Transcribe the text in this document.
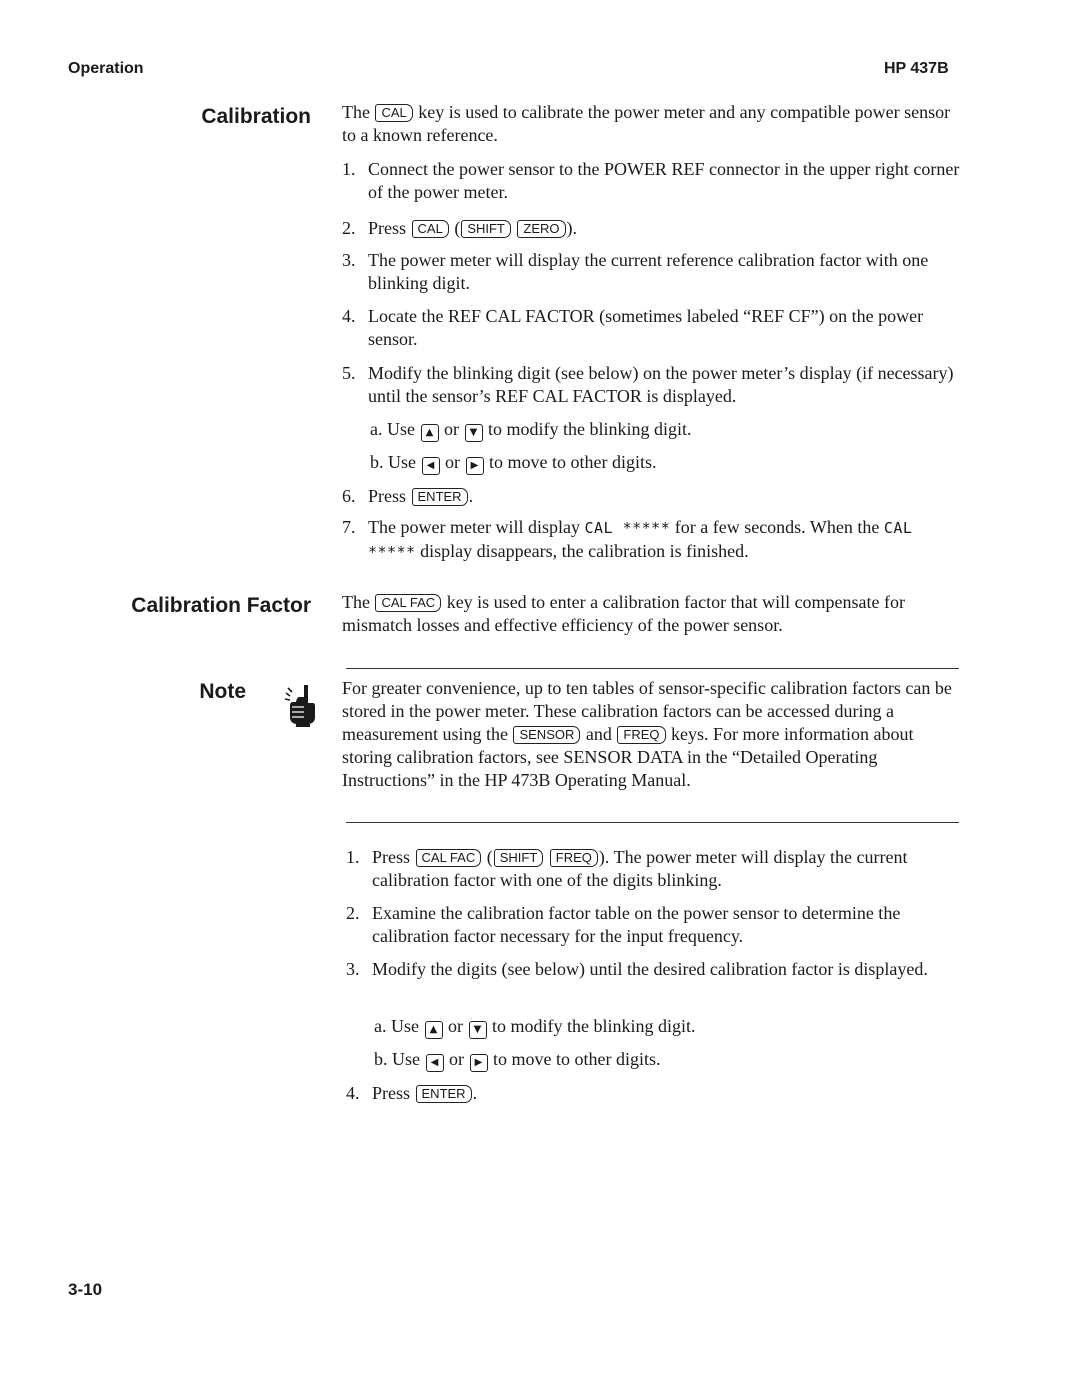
Operation	HP 437B
Calibration The CAL key is used to calibrate the power meter and any compatible power sensor to a known reference.
1. Connect the power sensor to the POWER REF connector in the upper right corner of the power meter.
2. Press CAL ( SHIFT ZERO ).
3. The power meter will display the current reference calibration factor with one blinking digit.
4. Locate the REF CAL FACTOR (sometimes labeled “REF CF”) on the power sensor.
5. Modify the blinking digit (see below) on the power meter’s display (if necessary) until the sensor’s REF CAL FACTOR is displayed.
a. Use ▲ or ▼ to modify the blinking digit.
b. Use ◀ or ▶ to move to other digits.
6. Press ENTER .
7. The power meter will display CAL ***** for a few seconds. When the CAL ***** display disappears, the calibration is finished.
Calibration Factor The CAL FAC key is used to enter a calibration factor that will compensate for mismatch losses and effective efficiency of the power sensor.
Note	For greater convenience, up to ten tables of sensor-specific calibration factors can be stored in the power meter. These calibration factors can be accessed during a measurement using the SENSOR and FREQ keys. For more information about storing calibration factors, see SENSOR DATA in the “Detailed Operating Instructions” in the HP 473B Operating Manual.
1. Press CAL FAC ( SHIFT FREQ ). The power meter will display the current calibration factor with one of the digits blinking.
2. Examine the calibration factor table on the power sensor to determine the calibration factor necessary for the input frequency.
3. Modify the digits (see below) until the desired calibration factor is displayed.
a. Use ▲ or ▼ to modify the blinking digit.
b. Use ◀ or ▶ to move to other digits.
4. Press ENTER .
3-10
